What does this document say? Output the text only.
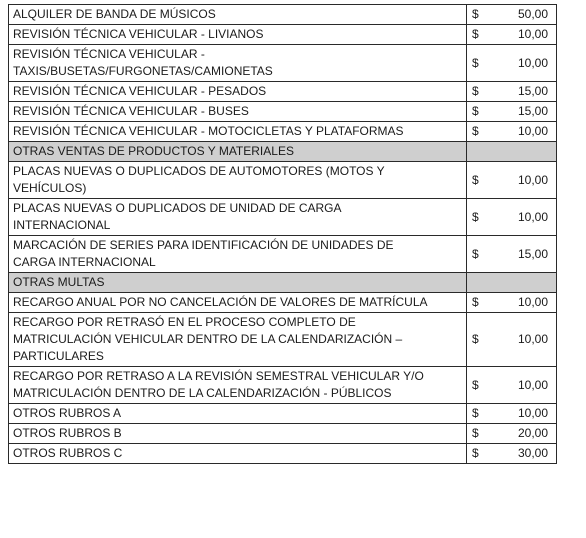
ALQUILER DE BANDA DE MÚSICOS	$	50,00
REVISIÓN TÉCNICA VEHICULAR - LIVIANOS	$	10,00
REVISIÓN TÉCNICA VEHICULAR -
TAXIS/BUSETAS/FURGONETAS/CAMIONETAS	$	10,00
REVISIÓN TÉCNICA VEHICULAR - PESADOS	$	15,00
REVISIÓN TÉCNICA VEHICULAR - BUSES	$	15,00
REVISIÓN TÉCNICA VEHICULAR - MOTOCICLETAS Y PLATAFORMAS	$	10,00
OTRAS VENTAS DE PRODUCTOS Y MATERIALES		
PLACAS NUEVAS O DUPLICADOS DE AUTOMOTORES (MOTOS Y
VEHÍCULOS)	$	10,00
PLACAS NUEVAS O DUPLICADOS DE UNIDAD DE CARGA
INTERNACIONAL	$	10,00
MARCACIÓN DE SERIES PARA IDENTIFICACIÓN DE UNIDADES DE
CARGA INTERNACIONAL	$	15,00
OTRAS MULTAS		
RECARGO ANUAL POR NO CANCELACIÓN DE VALORES DE MATRÍCULA	$	10,00
RECARGO POR RETRASÓ EN EL PROCESO COMPLETO DE
MATRICULACIÓN VEHICULAR DENTRO DE LA CALENDARIZACIÓN –
PARTICULARES	$	10,00
RECARGO POR RETRASO A LA REVISIÓN SEMESTRAL VEHICULAR Y/O
MATRICULACIÓN DENTRO DE LA CALENDARIZACIÓN - PÚBLICOS	$	10,00
OTROS RUBROS A	$	10,00
OTROS RUBROS B	$	20,00
OTROS RUBROS C	$	30,00
